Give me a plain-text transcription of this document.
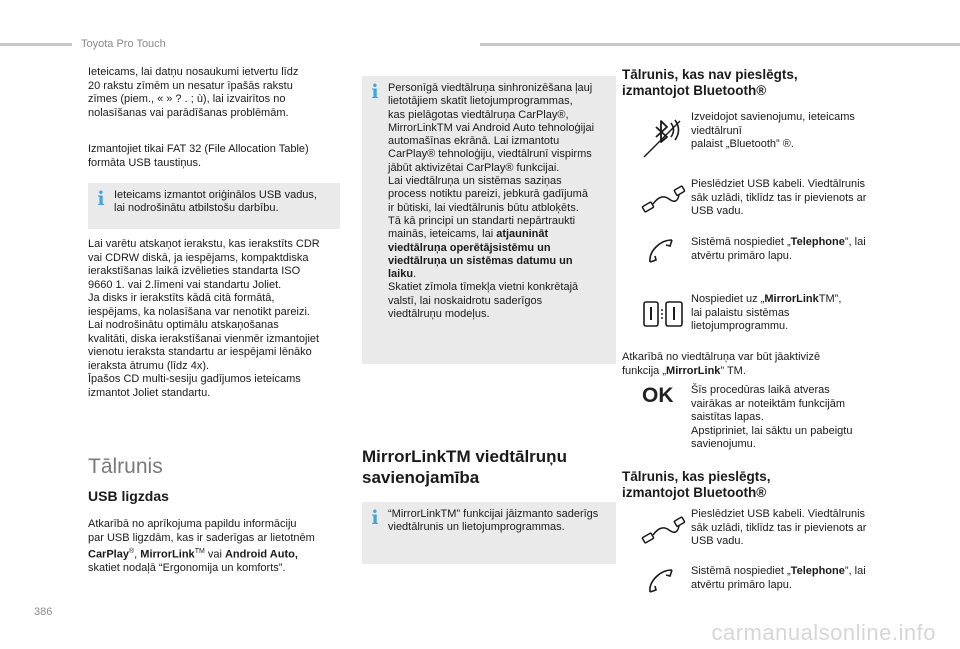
Toyota Pro Touch

Ieteicams, lai datņu nosaukumi ietvertu līdz
20 rakstu zīmēm un nesatur īpašās rakstu
zīmes (piem., « » ? . ; ù), lai izvairītos no
nolasīšanas vai parādīšanas problēmām.

Izmantojiet tikai FAT 32 (File Allocation Table)
formāta USB taustiņus.

i Ieteicams izmantot oriģinālos USB vadus,
lai nodrošinātu atbilstošu darbību.

Lai varētu atskaņot ierakstu, kas ierakstīts CDR
vai CDRW diskā, ja iespējams, kompaktdiska
ierakstīšanas laikā izvēlieties standarta ISO
9660 1. vai 2.līmeni vai standartu Joliet.
Ja disks ir ierakstīts kādā citā formātā,
iespējams, ka nolasīšana var nenotikt pareizi.
Lai nodrošinātu optimālu atskaņošanas
kvalitāti, diska ierakstīšanai vienmēr izmantojiet
vienotu ieraksta standartu ar iespējami lēnāko
ieraksta ātrumu (līdz 4x).
Īpašos CD multi-sesiju gadījumos ieteicams
izmantot Joliet standartu.

Tālrunis
USB ligzdas

Atkarībā no aprīkojuma papildu informāciju
par USB ligzdām, kas ir saderīgas ar lietotnēm
CarPlay®, MirrorLink™ vai Android Auto,
skatiet nodaļā “Ergonomija un komforts”.

i Personīgā viedtālruņa sinhronizēšana ļauj
lietotājiem skatīt lietojumprogrammas,
kas pielāgotas viedtālruņa CarPlay®,
MirrorLinkTM vai Android Auto tehnoloģijai
automašīnas ekrānā. Lai izmantotu
CarPlay® tehnoloģiju, viedtālrunī vispirms
jābūt aktivizētai CarPlay® funkcijai.
Lai viedtālruņa un sistēmas saziņas
process notiktu pareizi, jebkurā gadījumā
ir būtiski, lai viedtālrunis būtu atbloķēts.
Tā kā principi un standarti nepārtraukti
mainās, ieteicams, lai atjaunināt
viedtālruņa operētājsistēmu un
viedtālruņa un sistēmas datumu un
laiku.
Skatiet zīmola tīmekļa vietni konkrētajā
valstī, lai noskaidrotu saderīgos
viedtālruņu modeļus.
MirrorLinkTM viedtālruņu
savienojamība
i “MirrorLinkTM” funkcijai jāizmanto saderīgs
viedtālrunis un lietojumprogrammas.
Tālrunis, kas nav pieslēgts,
izmantojot Bluetooth®

Izveidojot savienojumu, ieteicams viedtālrunī
palaist „Bluetooth” ®.

Pieslēdziet USB kabeli. Viedtālrunis
sāk uzlādi, tiklīdz tas ir pievienots ar
USB vadu.

Sistēmā nospiediet „Telephone”, lai
atvērtu primāro lapu.

Nospiediet uz „MirrorLinkTM”,
lai palaistu sistēmas
lietojumprogrammu.

Atkarībā no viedtālruņa var būt jāaktivizē
funkcija „MirrorLink” TM.

OK Šīs procedūras laikā atveras
vairākas ar noteiktām funkcijām
saistītas lapas.
Apstipriniet, lai sāktu un pabeigtu
savienojumu.

Tālrunis, kas pieslēgts,
izmantojot Bluetooth®

Pieslēdziet USB kabeli. Viedtālrunis
sāk uzlādi, tiklīdz tas ir pievienots ar
USB vadu.

Sistēmā nospiediet „Telephone”, lai
atvērtu primāro lapu.

386
carmanualsonline.info
